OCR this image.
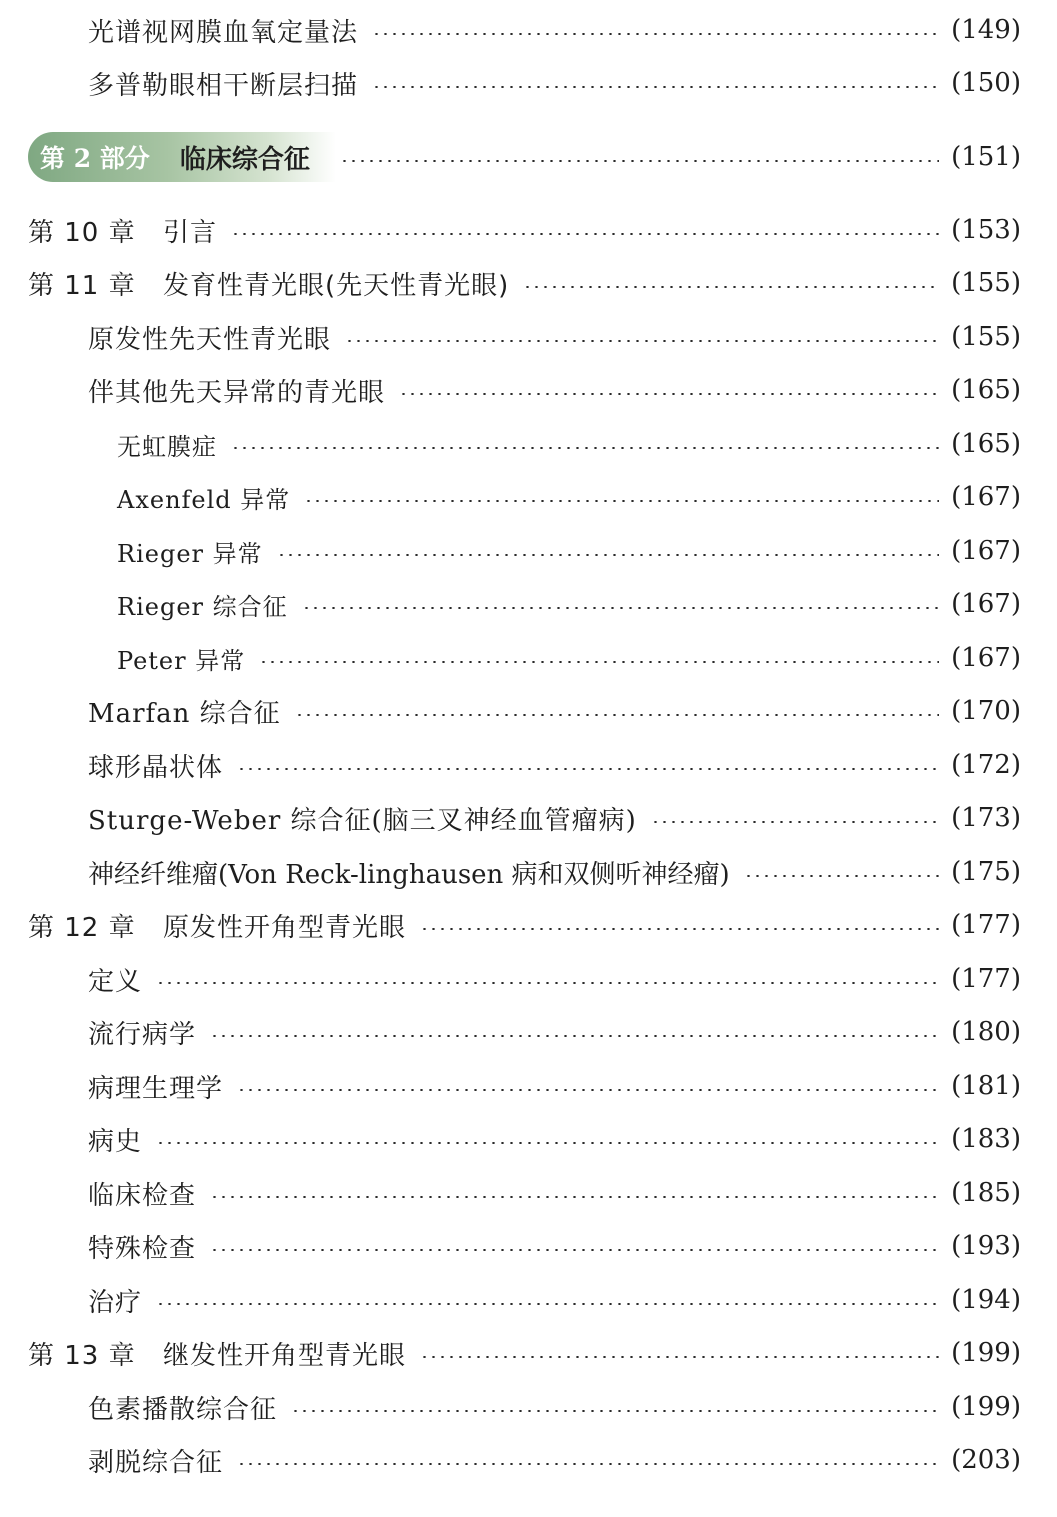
光谱视网膜血氧定量法	(149)
多普勒眼相干断层扫描	(150)
第 2 部分 临床综合征	(151)
第 10 章 引言	(153)
第 11 章 发育性青光眼(先天性青光眼)	(155)
原发性先天性青光眼	(155)
伴其他先天异常的青光眼	(165)
无虹膜症	(165)
Axenfeld 异常	(167)
Rieger 异常	(167)
Rieger 综合征	(167)
Peter 异常	(167)
Marfan 综合征	(170)
球形晶状体	(172)
Sturge-Weber 综合征(脑三叉神经血管瘤病)	(173)
神经纤维瘤(Von Reck-linghausen 病和双侧听神经瘤)	(175)
第 12 章 原发性开角型青光眼	(177)
定义	(177)
流行病学	(180)
病理生理学	(181)
病史	(183)
临床检查	(185)
特殊检查	(193)
治疗	(194)
第 13 章 继发性开角型青光眼	(199)
色素播散综合征	(199)
剥脱综合征	(203)
